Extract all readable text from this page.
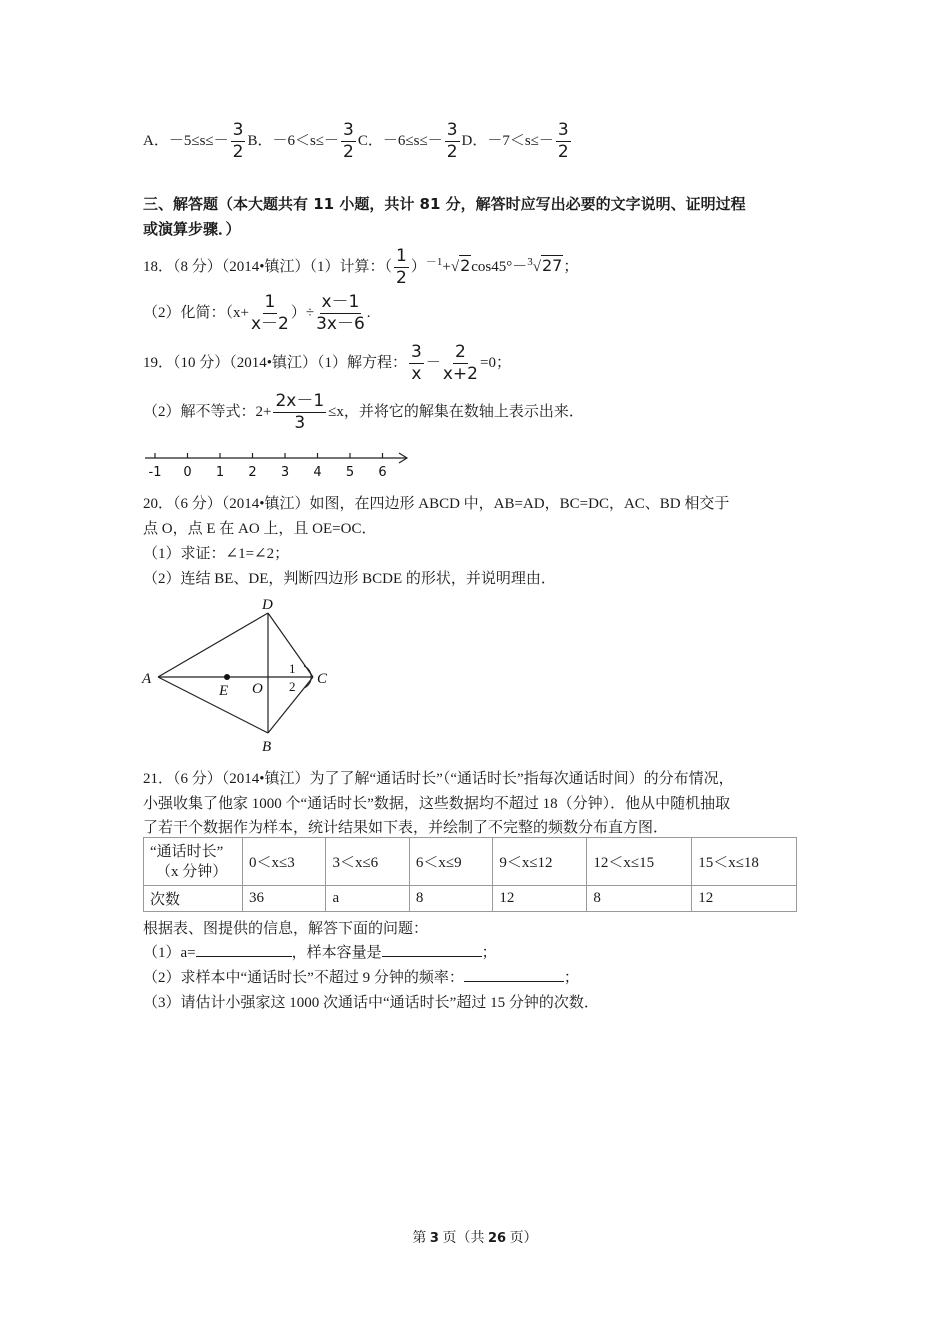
A．$-5\le s\le- \frac{3}{2}$ B．$-6<s\le- \frac{3}{2}$ C．$-6\le s\le- \frac{3}{2}$ D．$-7<s\le- \frac{3}{2}$
三、解答题（本大题共有 11 小题，共计 81 分，解答时应写出必要的文字说明、证明过程
或演算步骤．）
18．（8 分）（2014•镇江）（1）计算：（ $\frac{1}{2} )^{-1}+√2\cos 45^\circ-^3√27$；
（2）化简：（$x+ \frac{1}{x-2}$ ）÷ $\frac{x-1}{3x-6}$ .
19．（10 分）（2014•镇江）（1）解方程： $\frac{3}{x} - \frac{2}{x+2} =0$；
（2）解不等式：$2+ \frac{2x-1}{3} \le x$，并将它的解集在数轴上表示出来．
-1 0 1 2 3 4 5 6
20．（6 分）（2014•镇江）如图，在四边形 ABCD 中，AB=AD，BC=DC，AC、BD 相交于
点 O，点 E 在 AO 上，且 OE=OC．
（1）求证：∠1=∠2；
（2）连结 BE、DE，判断四边形 BCDE 的形状，并说明理由．
A
D
B
C
E O
1
2
21．（6 分）（2014•镇江）为了了解“通话时长”（“通话时长”指每次通话时间）的分布情况，
小强收集了他家 1000 个“通话时长”数据，这些数据均不超过 18（分钟）．他从中随机抽取
了若干个数据作为样本，统计结果如下表，并绘制了不完整的频数分布直方图．
“通话时长”
（x 分钟）	0＜x≤3	3＜x≤6	6＜x≤9	9＜x≤12	12＜x≤15	15＜x≤18
次数	36	a	8	12	8	12
根据表、图提供的信息，解答下面的问题：
（1）a=	，样本容量是	；
（2）求样本中“通话时长”不超过 9 分钟的频率：	；
（3）请估计小强家这 1000 次通话中“通话时长”超过 15 分钟的次数．
第 3 页（共 26 页）
